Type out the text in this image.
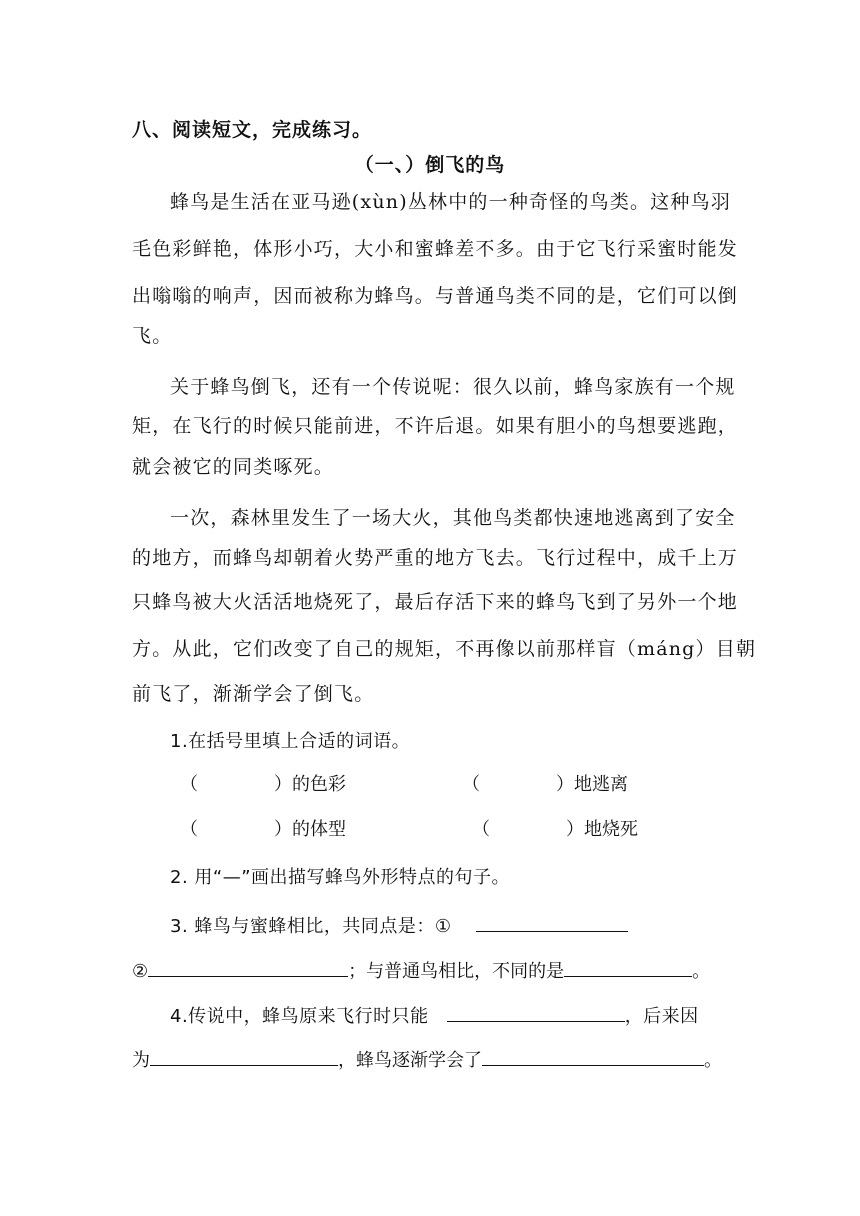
八、阅读短文，完成练习。
（一、）倒飞的鸟
蜂鸟是生活在亚马逊(xùn)丛林中的一种奇怪的鸟类。这种鸟羽
毛色彩鲜艳，体形小巧，大小和蜜蜂差不多。由于它飞行采蜜时能发
出嗡嗡的响声，因而被称为蜂鸟。与普通鸟类不同的是，它们可以倒
飞。
关于蜂鸟倒飞，还有一个传说呢：很久以前，蜂鸟家族有一个规
矩，在飞行的时候只能前进，不许后退。如果有胆小的鸟想要逃跑，
就会被它的同类啄死。
一次，森林里发生了一场大火，其他鸟类都快速地逃离到了安全
的地方，而蜂鸟却朝着火势严重的地方飞去。飞行过程中，成千上万
只蜂鸟被大火活活地烧死了，最后存活下来的蜂鸟飞到了另外一个地
方。从此，它们改变了自己的规矩，不再像以前那样盲（máng）目朝
前飞了，渐渐学会了倒飞。
1.在括号里填上合适的词语。
（	）的色彩	（	）地逃离
（	）的体型	（	）地烧死
2. 用“—”画出描写蜂鸟外形特点的句子。
3. 蜂鸟与蜜蜂相比，共同点是：①
②	；与普通鸟相比，不同的是	。
4.传说中，蜂鸟原来飞行时只能	，后来因
为	，蜂鸟逐渐学会了	。
